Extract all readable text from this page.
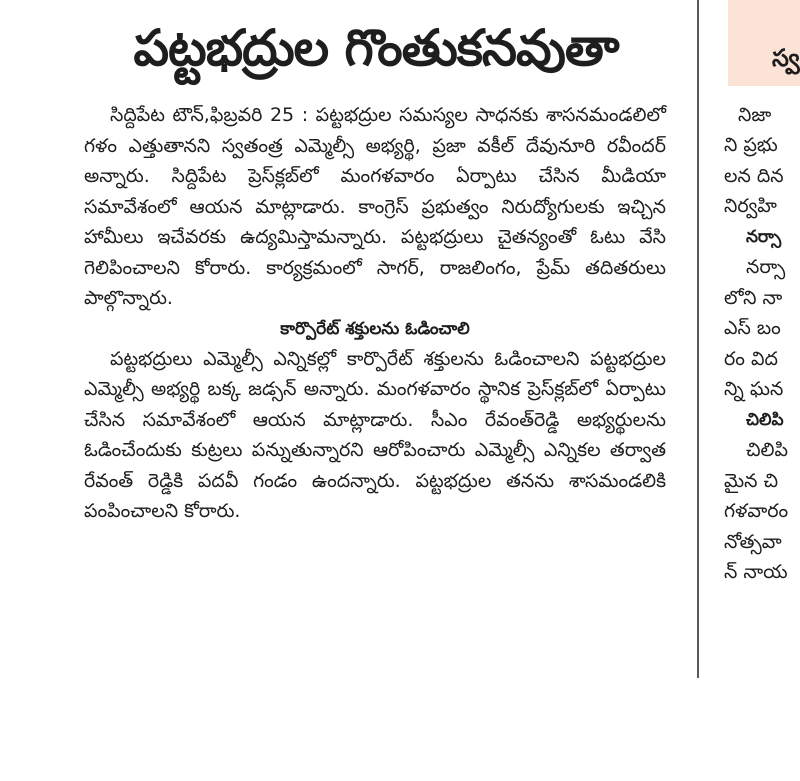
పట్టభద్రుల గొంతుకనవుతా

సిద్దిపేట టౌన్,ఫిబ్రవరి 25 : పట్టభద్రుల సమస్యల సాధనకు శాసనమండలిలో గళం ఎత్తుతానని స్వతంత్ర ఎమ్మెల్సీ అభ్యర్థి, ప్రజా వకీల్ దేవునూరి రవీందర్ అన్నారు. సిద్దిపేట ప్రెస్‌క్లబ్‌లో మంగళవారం ఏర్పాటు చేసిన మీడియా సమావేశంలో ఆయన మాట్లాడారు. కాంగ్రెస్ ప్రభుత్వం నిరుద్యోగులకు ఇచ్చిన హామీలు ఇచేవరకు ఉద్యమిస్తామన్నారు. పట్టభద్రులు చైతన్యంతో ఓటు వేసి గెలిపించాలని కోరారు. కార్యక్రమంలో సాగర్, రాజలింగం, ప్రేమ్ తదితరులు పాల్గొన్నారు.

కార్పొరేట్ శక్తులను ఓడించాలి

పట్టభద్రులు ఎమ్మెల్సీ ఎన్నికల్లో కార్పొరేట్ శక్తులను ఓడించాలని పట్టభద్రుల ఎమ్మెల్సీ అభ్యర్థి బక్క జడ్సన్ అన్నారు. మంగళవారం స్థానిక ప్రెస్‌క్లబ్‌లో ఏర్పాటు చేసిన సమావేశంలో ఆయన మాట్లాడారు. సీఎం రేవంత్‌రెడ్డి అభ్యర్థులను ఓడించేందుకు కుట్రలు పన్నుతున్నారని ఆరోపించారు ఎమ్మెల్సీ ఎన్నికల తర్వాత రేవంత్ రెడ్డికి పదవీ గండం ఉందన్నారు. పట్టభద్రుల తనను శాసమండలికి పంపించాలని కోరారు.

స్వ
నిజా
ని ప్రభు
లన దిన
నిర్వహి
నర్సా
నర్సా
లోని నా
ఎస్ బం
రం విద
న్ని ఘన
చిలిపి
చిలిపి
మైన చి
గళవారం
నోత్సవా
న్ నాయ
